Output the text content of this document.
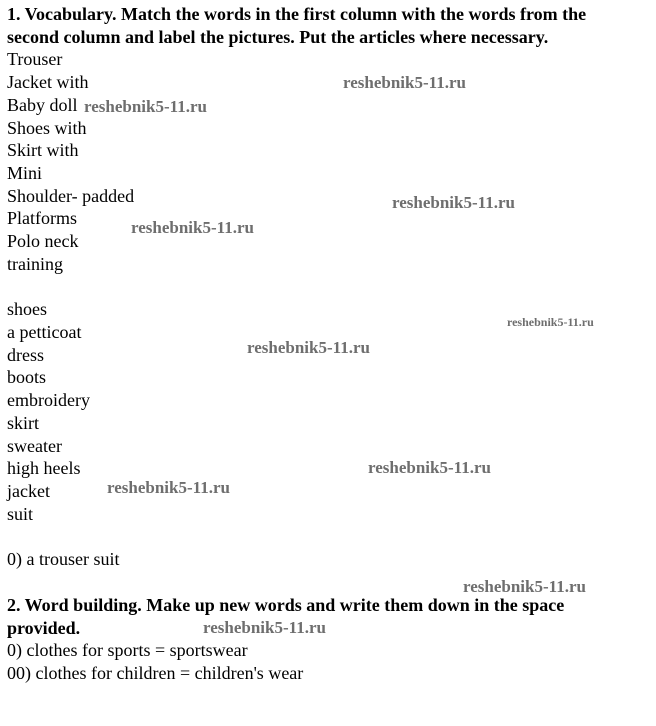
1. Vocabulary. Match the words in the first column with the words from the
second column and label the pictures. Put the articles where necessary.
Trouser
Jacket with
Baby doll
Shoes with
Skirt with
Mini
Shoulder- padded
Platforms
Polo neck
training
shoes
a petticoat
dress
boots
embroidery
skirt
sweater
high heels
jacket
suit
0) a trouser suit
2. Word building. Make up new words and write them down in the space
provided.
0) clothes for sports = sportswear
00) clothes for children = children's wear
reshebnik5-11.ru
reshebnik5-11.ru
reshebnik5-11.ru
reshebnik5-11.ru
reshebnik5-11.ru
reshebnik5-11.ru
reshebnik5-11.ru
reshebnik5-11.ru
reshebnik5-11.ru
reshebnik5-11.ru
